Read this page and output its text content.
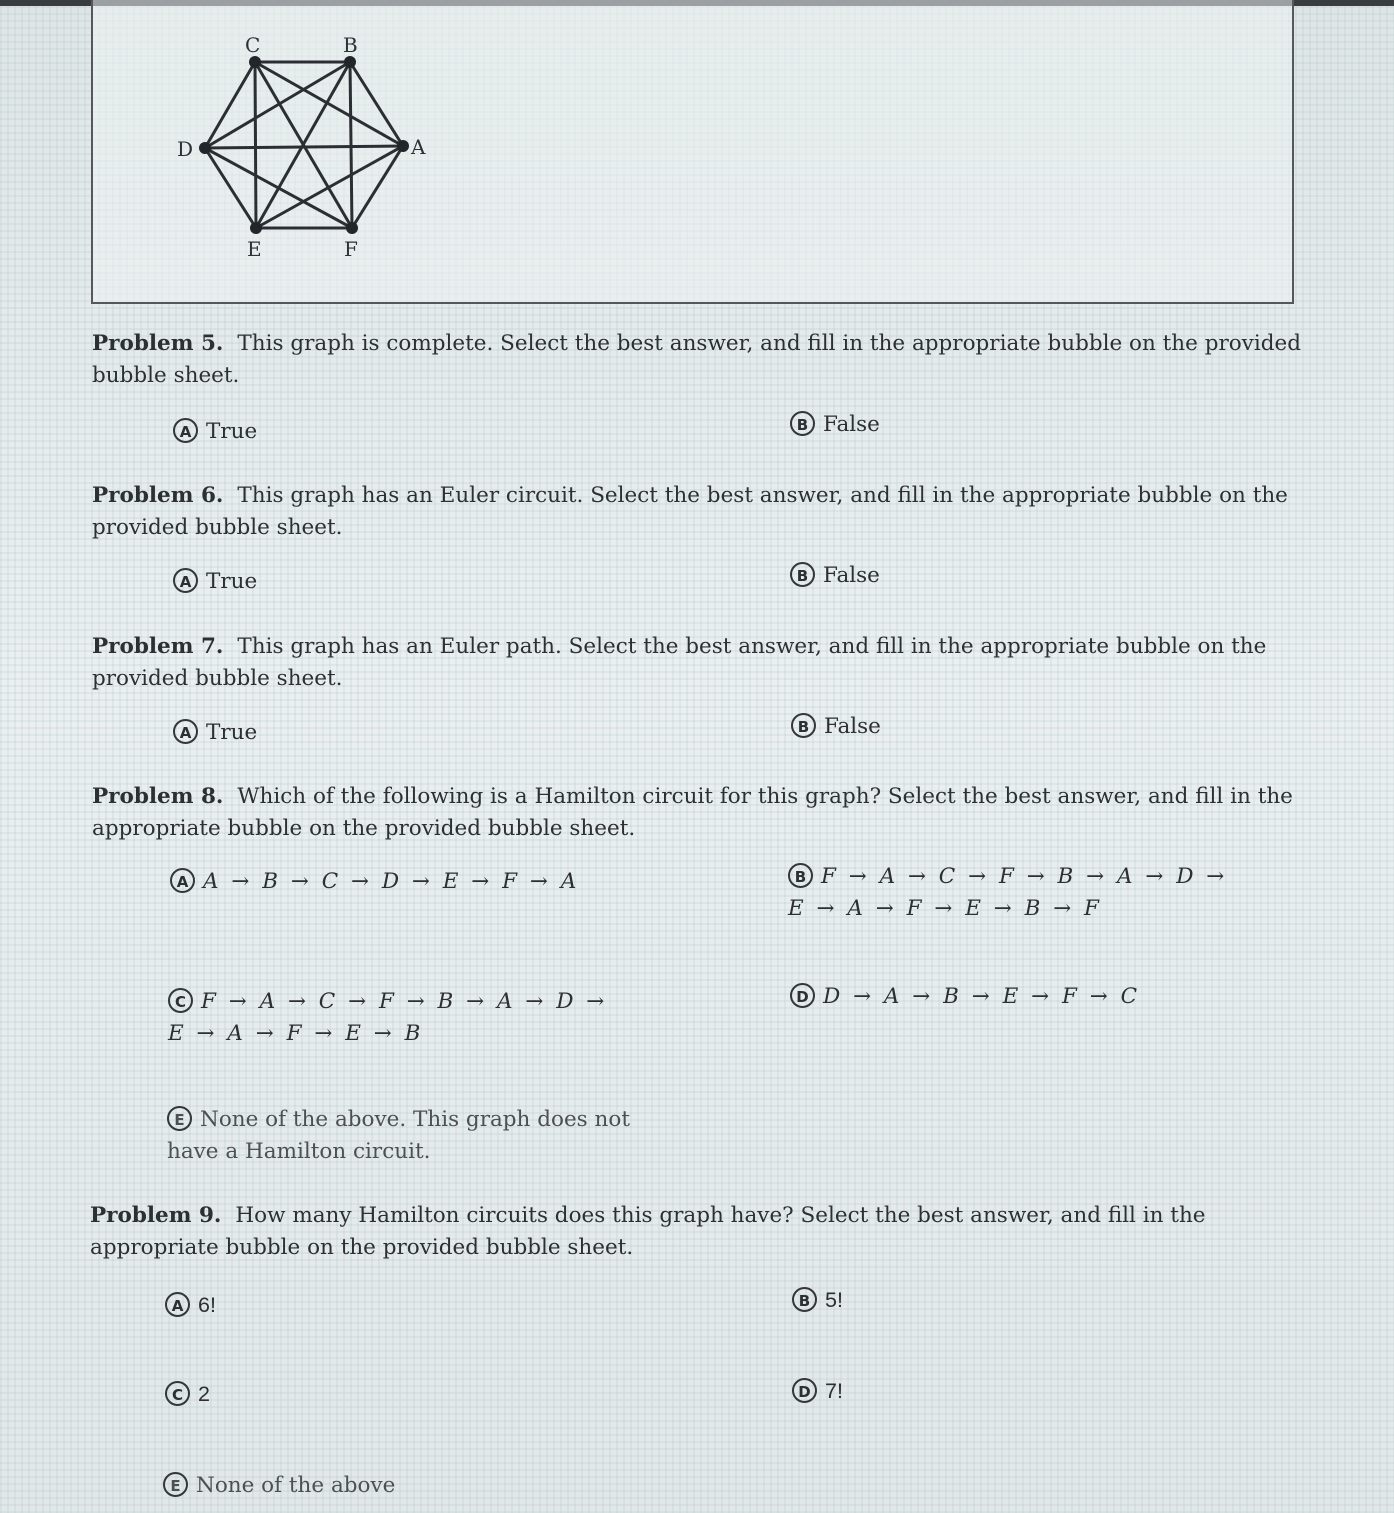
C	B
A
D
E	F
Problem 5. This graph is complete. Select the best answer, and fill in the appropriate bubble on the provided bubble sheet.
A True	B False
Problem 6. This graph has an Euler circuit. Select the best answer, and fill in the appropriate bubble on the provided bubble sheet.
A True	B False
Problem 7. This graph has an Euler path. Select the best answer, and fill in the appropriate bubble on the provided bubble sheet.
A True	B False
Problem 8. Which of the following is a Hamilton circuit for this graph? Select the best answer, and fill in the appropriate bubble on the provided bubble sheet.
A A → B → C → D → E → F → A	B F → A → C → F → B → A → D →
E → A → F → E → B → F
C F → A → C → F → B → A → D →
E → A → F → E → B
D D → A → B → E → F → C
E None of the above. This graph does not
have a Hamilton circuit.
Problem 9. How many Hamilton circuits does this graph have? Select the best answer, and fill in the appropriate bubble on the provided bubble sheet.
A 6!	B 5!
C 2	D 7!
E None of the above
